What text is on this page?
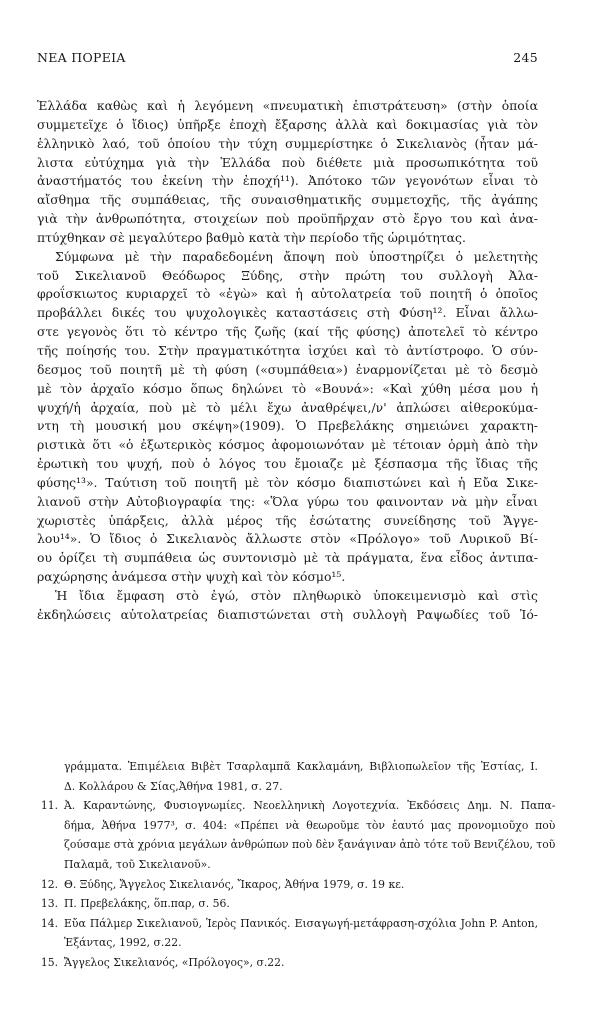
ΝΕΑ ΠΟΡΕΙΑ	245
Ἑλλάδα καθὼς καὶ ἡ λεγόμενη «πνευματικὴ ἐπιστράτευση» (στὴν ὁποία
συμμετεῖχε ὁ ἴδιος) ὑπῆρξε ἐποχὴ ἔξαρσης ἀλλὰ καὶ δοκιμασίας γιὰ τὸν
ἑλληνικὸ λαό, τοῦ ὁποίου τὴν τύχη συμμερίστηκε ὁ Σικελιανὸς (ἦταν μά-
λιστα εὐτύχημα γιὰ τὴν Ἑλλάδα ποὺ διέθετε μιὰ προσωπικότητα τοῦ
ἀναστήματός του ἐκείνη τὴν ἐποχή¹¹). Ἀπότοκο τῶν γεγονότων εἶναι τὸ
αἴσθημα τῆς συμπάθειας, τῆς συναισθηματικῆς συμμετοχῆς, τῆς ἀγάπης
γιὰ τὴν ἀνθρωπότητα, στοιχείων ποὺ προϋπῆρχαν στὸ ἔργο του καὶ ἀνα-
πτύχθηκαν σὲ μεγαλύτερο βαθμὸ κατὰ τὴν περίοδο τῆς ὡριμότητας.
Σύμφωνα μὲ τὴν παραδεδομένη ἄποψη ποὺ ὑποστηρίζει ὁ μελετητὴς
τοῦ Σικελιανοῦ Θεόδωρος Ξύδης, στὴν πρώτη του συλλογὴ Ἀλα-
φροΐσκιωτος κυριαρχεῖ τὸ «ἐγὼ» καὶ ἡ αὐτολατρεία τοῦ ποιητῆ ὁ ὁποῖος
προβάλλει δικές του ψυχολογικὲς καταστάσεις στὴ Φύση¹². Εἶναι ἄλλω-
στε γεγονὸς ὅτι τὸ κέντρο τῆς ζωῆς (καί τῆς φύσης) ἀποτελεῖ τὸ κέντρο
τῆς ποίησής του. Στὴν πραγματικότητα ἰσχύει καὶ τὸ ἀντίστροφο. Ὁ σύν-
δεσμος τοῦ ποιητῆ μὲ τὴ φύση («συμπάθεια») ἐναρμονίζεται μὲ τὸ δεσμὸ
μὲ τὸν ἀρχαῖο κόσμο ὅπως δηλώνει τὸ «Βουνά»: «Καὶ χύθη μέσα μου ἡ
ψυχή/ἡ ἀρχαία, ποὺ μὲ τὸ μέλι ἔχω ἀναθρέψει,/ν' ἁπλώσει αἰθεροκύμα-
ντη τὴ μουσική μου σκέψη»(1909). Ὁ Πρεβελάκης σημειώνει χαρακτη-
ριστικὰ ὅτι «ὁ ἐξωτερικὸς κόσμος ἀφομοιωνόταν μὲ τέτοιαν ὁρμὴ ἀπὸ τὴν
ἐρωτικὴ του ψυχή, ποὺ ὁ λόγος του ἔμοιαζε μὲ ξέσπασμα τῆς ἴδιας τῆς
φύσης¹³». Ταύτιση τοῦ ποιητῆ μὲ τὸν κόσμο διαπιστώνει καὶ ἡ Εὔα Σικε-
λιανοῦ στὴν Αὐτοβιογραφία της: «Ὅλα γύρω του φαινονταν νὰ μὴν εἶναι
χωριστὲς ὑπάρξεις, ἀλλὰ μέρος τῆς ἐσώτατης συνείδησης τοῦ Ἄγγε-
λου¹⁴». Ὁ ἴδιος ὁ Σικελιανὸς ἄλλωστε στὸν «Πρόλογο» τοῦ Λυρικοῦ Βί-
ου ὁρίζει τὴ συμπάθεια ὡς συντονισμὸ μὲ τὰ πράγματα, ἕνα εἶδος ἀντιπα-
ραχώρησης ἀνάμεσα στὴν ψυχὴ καὶ τὸν κόσμο¹⁵.
Ἡ ἴδια ἔμφαση στὸ ἐγώ, στὸν πληθωρικὸ ὑποκειμενισμὸ καὶ στὶς
ἐκδηλώσεις αὐτολατρείας διαπιστώνεται στὴ συλλογὴ Ραψωδίες τοῦ Ἰό-
γράμματα. Ἐπιμέλεια Βιβὲτ Τσαρλαμπᾶ Κακλαμάνη, Βιβλιοπωλεῖον τῆς Ἑστίας, Ι.
Δ. Κολλάρου & Σίας,Ἀθήνα 1981, σ. 27.
11. Ἀ. Καραντώνης, Φυσιογνωμίες. Νεοελληνικὴ Λογοτεχνία. Ἐκδόσεις Δημ. Ν. Παπα-
δήμα, Ἀθήνα 1977³, σ. 404: «Πρέπει νὰ θεωροῦμε τὸν ἑαυτό μας προνομιοῦχο ποὺ
ζούσαμε στὰ χρόνια μεγάλων ἀνθρώπων ποὺ δὲν ξανάγιναν ἀπὸ τότε τοῦ Βενιζέλου, τοῦ
Παλαμᾶ, τοῦ Σικελιανοῦ».
12. Θ. Ξύδης, Ἄγγελος Σικελιανός, Ἴκαρος, Ἀθήνα 1979, σ. 19 κε.
13. Π. Πρεβελάκης, ὅπ.παρ, σ. 56.
14. Εὔα Πάλμερ Σικελιανοῦ, Ἱερὸς Πανικός. Εισαγωγή-μετάφραση-σχόλια John P. Anton,
Ἐξάντας, 1992, σ.22.
15. Ἄγγελος Σικελιανός, «Πρόλογος», σ.22.
